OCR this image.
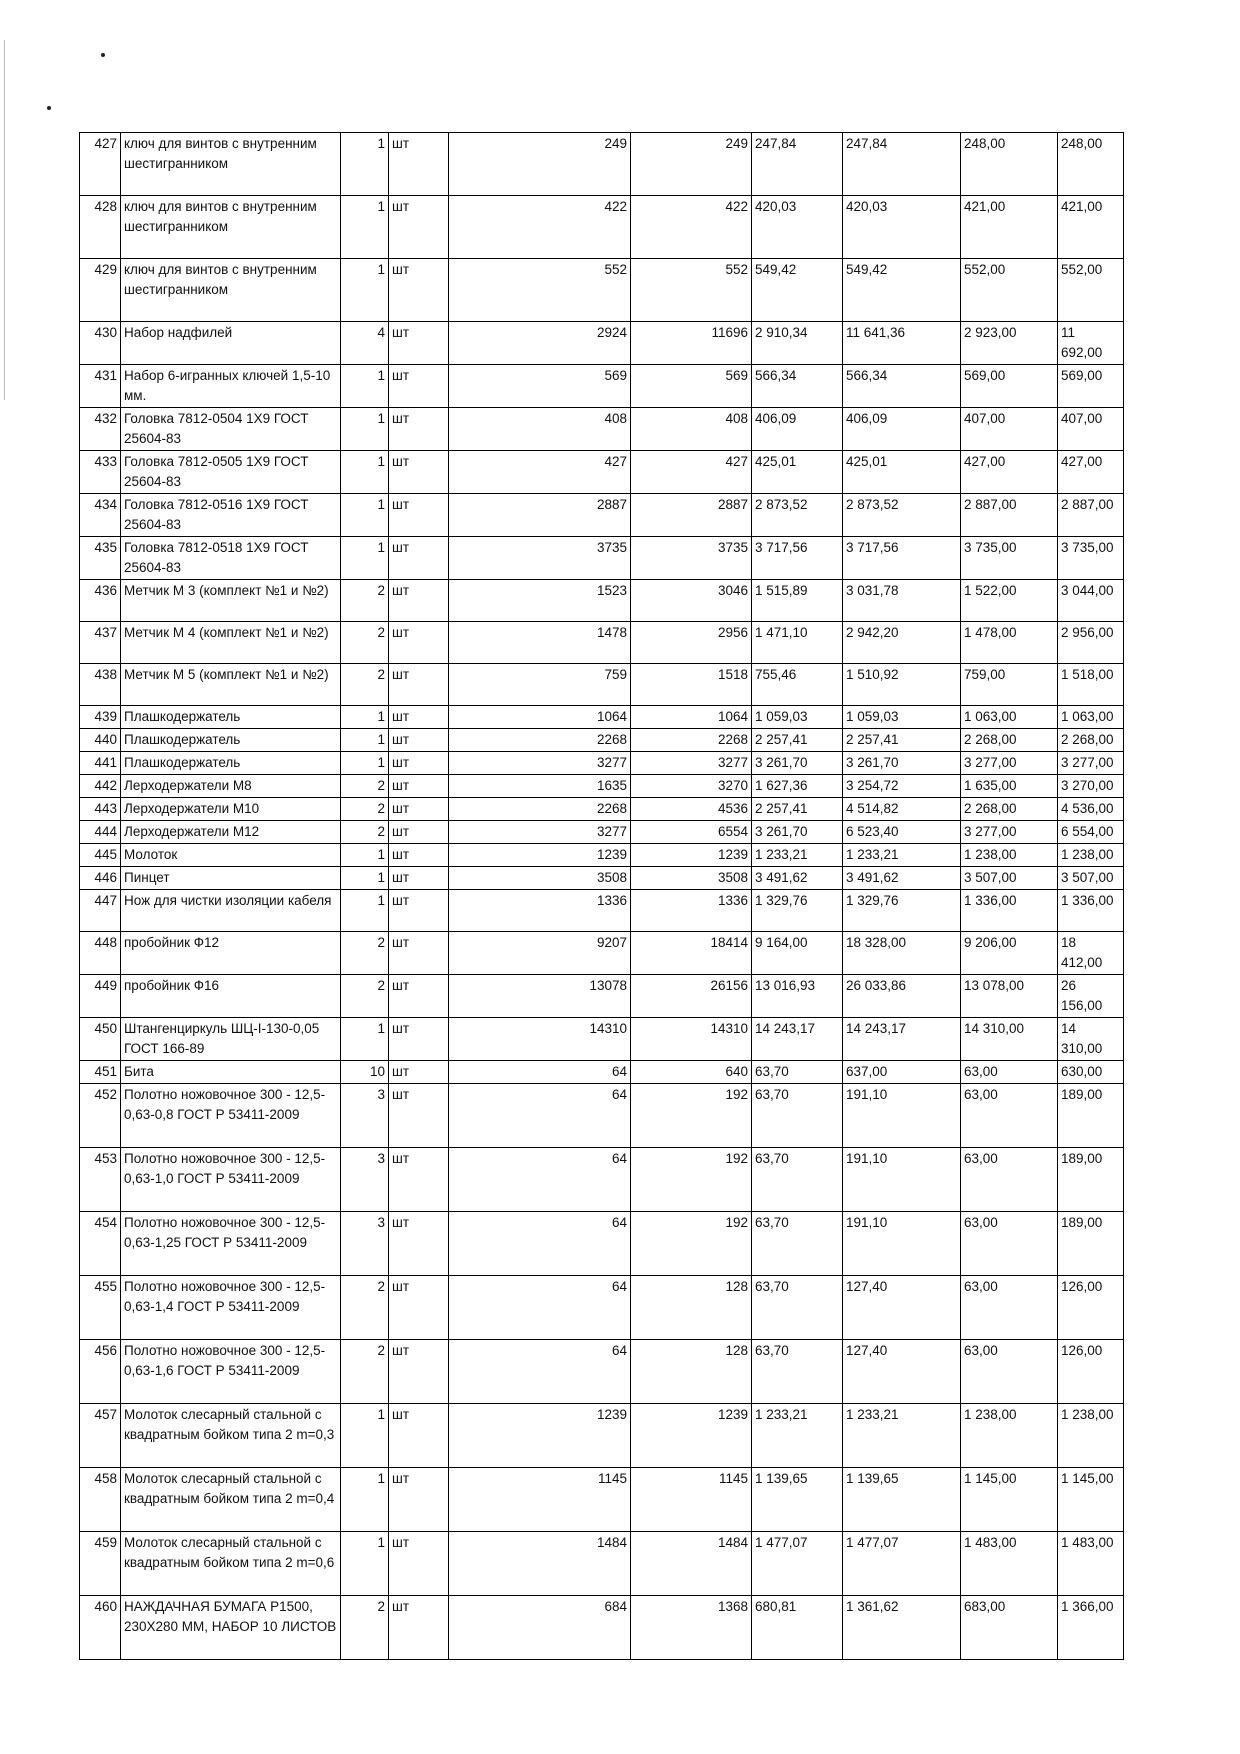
427	ключ для винтов с внутренним шестигранником	1	шт	249	249	247,84	247,84	248,00	248,00
428	ключ для винтов с внутренним шестигранником	1	шт	422	422	420,03	420,03	421,00	421,00
429	ключ для винтов с внутренним шестигранником	1	шт	552	552	549,42	549,42	552,00	552,00
430	Набор надфилей	4	шт	2924	11696	2 910,34	11 641,36	2 923,00	11 692,00
431	Набор 6-игранных ключей 1,5-10 мм.	1	шт	569	569	566,34	566,34	569,00	569,00
432	Головка 7812-0504 1Х9 ГОСТ 25604-83	1	шт	408	408	406,09	406,09	407,00	407,00
433	Головка 7812-0505 1Х9 ГОСТ 25604-83	1	шт	427	427	425,01	425,01	427,00	427,00
434	Головка 7812-0516 1Х9 ГОСТ 25604-83	1	шт	2887	2887	2 873,52	2 873,52	2 887,00	2 887,00
435	Головка 7812-0518 1Х9 ГОСТ 25604-83	1	шт	3735	3735	3 717,56	3 717,56	3 735,00	3 735,00
436	Метчик М 3 (комплект №1 и №2)	2	шт	1523	3046	1 515,89	3 031,78	1 522,00	3 044,00
437	Метчик М 4 (комплект №1 и №2)	2	шт	1478	2956	1 471,10	2 942,20	1 478,00	2 956,00
438	Метчик М 5 (комплект №1 и №2)	2	шт	759	1518	755,46	1 510,92	759,00	1 518,00
439	Плашкодержатель	1	шт	1064	1064	1 059,03	1 059,03	1 063,00	1 063,00
440	Плашкодержатель	1	шт	2268	2268	2 257,41	2 257,41	2 268,00	2 268,00
441	Плашкодержатель	1	шт	3277	3277	3 261,70	3 261,70	3 277,00	3 277,00
442	Лерходержатели М8	2	шт	1635	3270	1 627,36	3 254,72	1 635,00	3 270,00
443	Лерходержатели М10	2	шт	2268	4536	2 257,41	4 514,82	2 268,00	4 536,00
444	Лерходержатели М12	2	шт	3277	6554	3 261,70	6 523,40	3 277,00	6 554,00
445	Молоток	1	шт	1239	1239	1 233,21	1 233,21	1 238,00	1 238,00
446	Пинцет	1	шт	3508	3508	3 491,62	3 491,62	3 507,00	3 507,00
447	Нож для чистки изоляции кабеля	1	шт	1336	1336	1 329,76	1 329,76	1 336,00	1 336,00
448	пробойник Ф12	2	шт	9207	18414	9 164,00	18 328,00	9 206,00	18 412,00
449	пробойник Ф16	2	шт	13078	26156	13 016,93	26 033,86	13 078,00	26 156,00
450	Штангенциркуль ШЦ-I-130-0,05 ГОСТ 166-89	1	шт	14310	14310	14 243,17	14 243,17	14 310,00	14 310,00
451	Бита	10	шт	64	640	63,70	637,00	63,00	630,00
452	Полотно ножовочное 300 - 12,5- 0,63-0,8 ГОСТ Р 53411-2009	3	шт	64	192	63,70	191,10	63,00	189,00
453	Полотно ножовочное 300 - 12,5- 0,63-1,0 ГОСТ Р 53411-2009	3	шт	64	192	63,70	191,10	63,00	189,00
454	Полотно ножовочное 300 - 12,5- 0,63-1,25 ГОСТ Р 53411-2009	3	шт	64	192	63,70	191,10	63,00	189,00
455	Полотно ножовочное 300 - 12,5- 0,63-1,4 ГОСТ Р 53411-2009	2	шт	64	128	63,70	127,40	63,00	126,00
456	Полотно ножовочное 300 - 12,5- 0,63-1,6 ГОСТ Р 53411-2009	2	шт	64	128	63,70	127,40	63,00	126,00
457	Молоток слесарный стальной с квадратным бойком типа 2 m=0,3	1	шт	1239	1239	1 233,21	1 233,21	1 238,00	1 238,00
458	Молоток слесарный стальной с квадратным бойком типа 2 m=0,4	1	шт	1145	1145	1 139,65	1 139,65	1 145,00	1 145,00
459	Молоток слесарный стальной с квадратным бойком типа 2 m=0,6	1	шт	1484	1484	1 477,07	1 477,07	1 483,00	1 483,00
460	НАЖДАЧНАЯ БУМАГА Р1500, 230Х280 ММ, НАБОР 10 ЛИСТОВ	2	шт	684	1368	680,81	1 361,62	683,00	1 366,00
